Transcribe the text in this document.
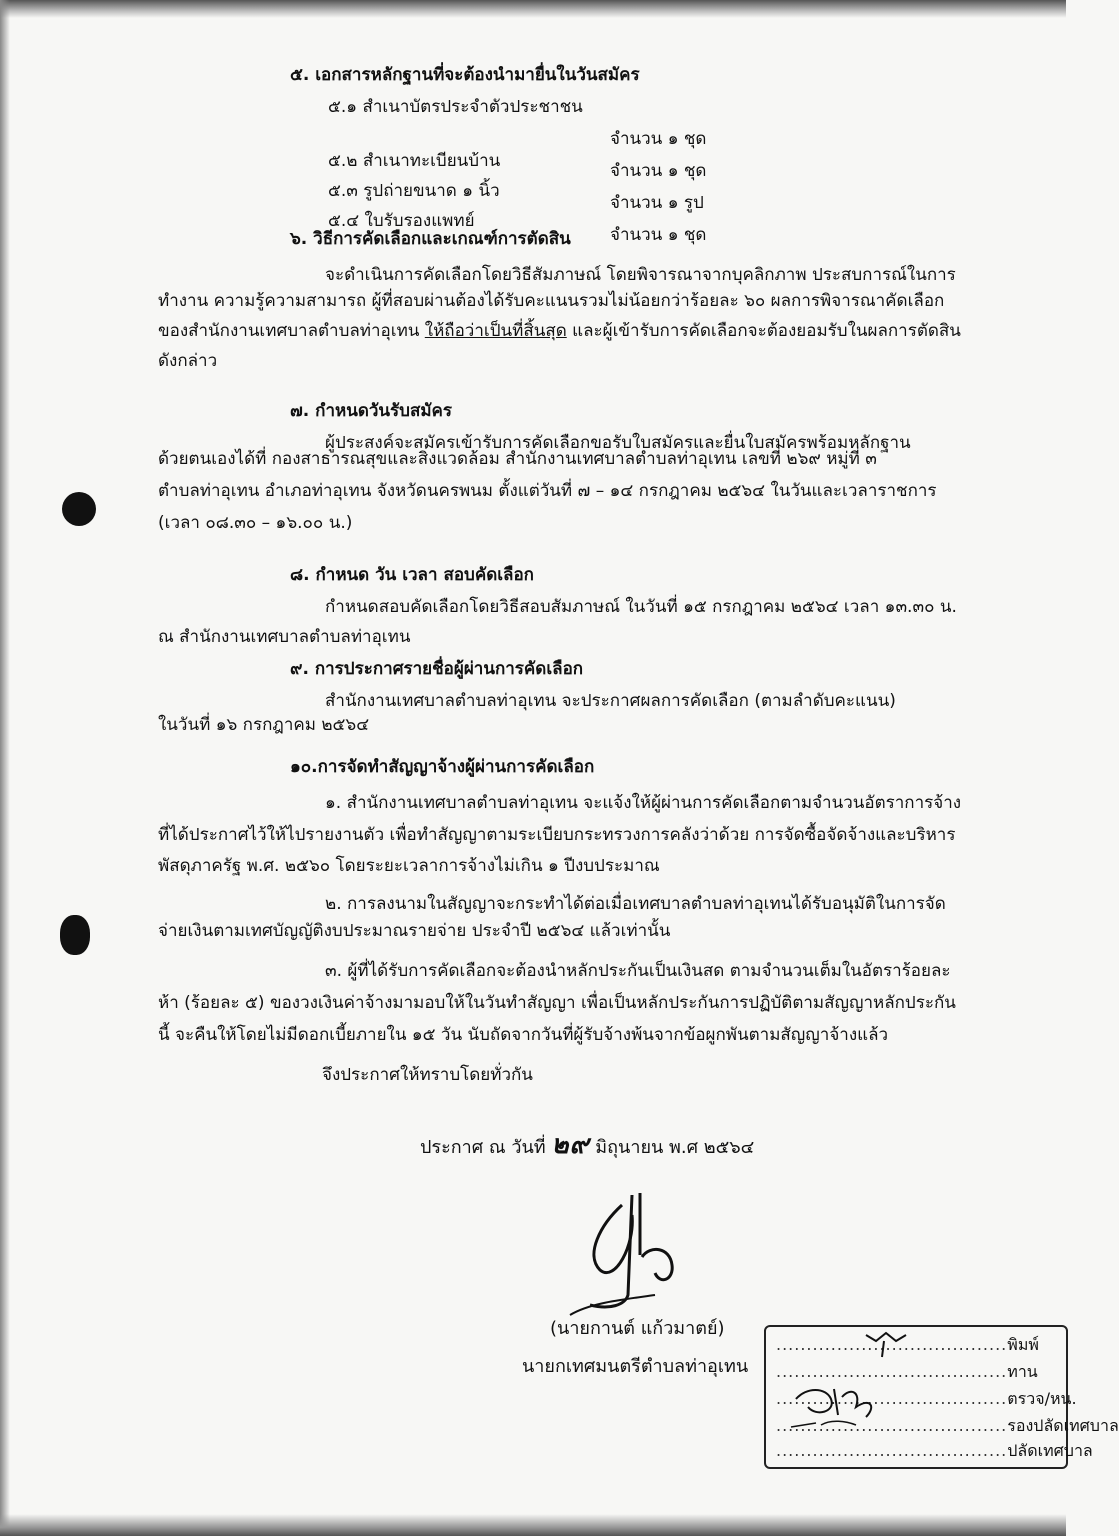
๕. เอกสารหลักฐานที่จะต้องนำมายื่นในวันสมัคร
๕.๑ สำเนาบัตรประจำตัวประชาชน
จำนวน ๑ ชุด
๕.๒ สำเนาทะเบียนบ้าน	จำนวน ๑ ชุด
๕.๓ รูปถ่ายขนาด ๑ นิ้ว
จำนวน ๑ รูป
๕.๔ ใบรับรองแพทย์
จำนวน ๑ ชุด
๖. วิธีการคัดเลือกและเกณฑ์การตัดสิน
จะดำเนินการคัดเลือกโดยวิธีสัมภาษณ์ โดยพิจารณาจากบุคลิกภาพ ประสบการณ์ในการ
ทำงาน ความรู้ความสามารถ ผู้ที่สอบผ่านต้องได้รับคะแนนรวมไม่น้อยกว่าร้อยละ ๖๐ ผลการพิจารณาคัดเลือก
ของสำนักงานเทศบาลตำบลท่าอุเทน ให้ถือว่าเป็นที่สิ้นสุด และผู้เข้ารับการคัดเลือกจะต้องยอมรับในผลการตัดสิน
ดังกล่าว
๗. กำหนดวันรับสมัคร
ผู้ประสงค์จะสมัครเข้ารับการคัดเลือกขอรับใบสมัครและยื่นใบสมัครพร้อมหลักฐาน
ด้วยตนเองได้ที่ กองสาธารณสุขและสิ่งแวดล้อม สำนักงานเทศบาลตำบลท่าอุเทน เลขที่ ๒๖๙ หมู่ที่ ๓
ตำบลท่าอุเทน อำเภอท่าอุเทน จังหวัดนครพนม ตั้งแต่วันที่ ๗ – ๑๔ กรกฎาคม ๒๕๖๔ ในวันและเวลาราชการ
(เวลา ๐๘.๓๐ – ๑๖.๐๐ น.)
๘. กำหนด วัน เวลา สอบคัดเลือก
กำหนดสอบคัดเลือกโดยวิธีสอบสัมภาษณ์ ในวันที่ ๑๕ กรกฎาคม ๒๕๖๔ เวลา ๑๓.๓๐ น.
ณ สำนักงานเทศบาลตำบลท่าอุเทน
๙. การประกาศรายชื่อผู้ผ่านการคัดเลือก
สำนักงานเทศบาลตำบลท่าอุเทน จะประกาศผลการคัดเลือก (ตามลำดับคะแนน)
ในวันที่ ๑๖ กรกฎาคม ๒๕๖๔
๑๐.การจัดทำสัญญาจ้างผู้ผ่านการคัดเลือก
๑. สำนักงานเทศบาลตำบลท่าอุเทน จะแจ้งให้ผู้ผ่านการคัดเลือกตามจำนวนอัตราการจ้าง
ที่ได้ประกาศไว้ให้ไปรายงานตัว เพื่อทำสัญญาตามระเบียบกระทรวงการคลังว่าด้วย การจัดซื้อจัดจ้างและบริหาร
พัสดุภาครัฐ พ.ศ. ๒๕๖๐ โดยระยะเวลาการจ้างไม่เกิน ๑ ปีงบประมาณ
๒. การลงนามในสัญญาจะกระทำได้ต่อเมื่อเทศบาลตำบลท่าอุเทนได้รับอนุมัติในการจัด
จ่ายเงินตามเทศบัญญัติงบประมาณรายจ่าย ประจำปี ๒๕๖๔ แล้วเท่านั้น
๓. ผู้ที่ได้รับการคัดเลือกจะต้องนำหลักประกันเป็นเงินสด ตามจำนวนเต็มในอัตราร้อยละ
ห้า (ร้อยละ ๕) ของวงเงินค่าจ้างมามอบให้ในวันทำสัญญา เพื่อเป็นหลักประกันการปฏิบัติตามสัญญาหลักประกัน
นี้ จะคืนให้โดยไม่มีดอกเบี้ยภายใน ๑๕ วัน นับถัดจากวันที่ผู้รับจ้างพ้นจากข้อผูกพันตามสัญญาจ้างแล้ว
จึงประกาศให้ทราบโดยทั่วกัน
ประกาศ ณ วันที่ ๒๙ มิถุนายน พ.ศ ๒๕๖๔
(นายกานต์ แก้วมาตย์)
นายกเทศมนตรีตำบลท่าอุเทน
......................................พิมพ์
......................................ทาน
......................................ตรวจ/หน.
......................................รองปลัดเทศบาล
......................................ปลัดเทศบาล
